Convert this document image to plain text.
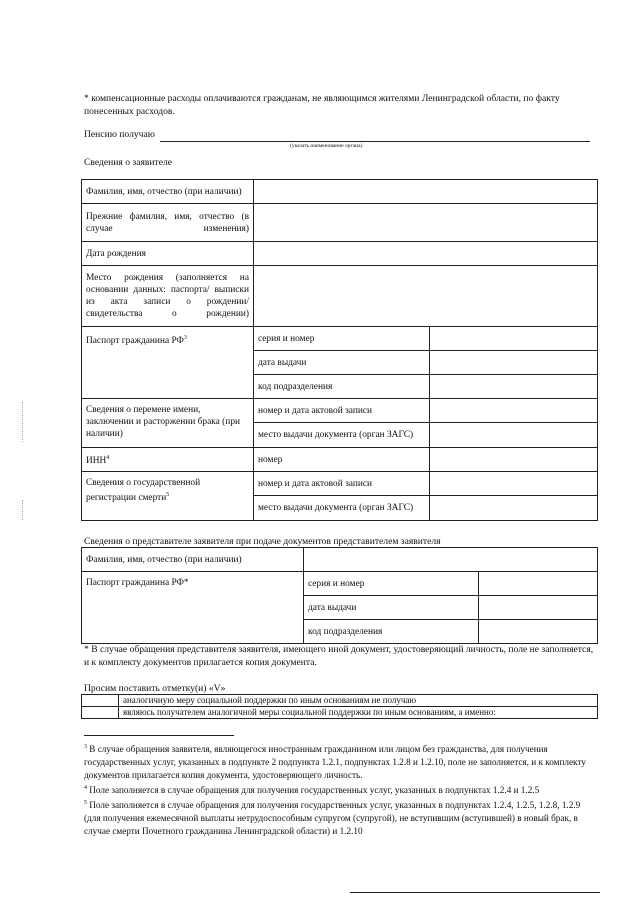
* компенсационные расходы оплачиваются гражданам, не являющимся жителями Ленинградской области, по факту понесенных расходов.
Пенсию получаю
(указать наименование органа)
Сведения о заявителе
Фамилия, имя, отчество (при наличии)		
Прежние фамилия, имя, отчество (в случае изменения)		
Дата рождения		
Место рождения (заполняется на основании данных: паспорта/ выписки из акта записи о рождении/ свидетельства о рождении)		
Паспорт гражданина $РФ^3$	серия и номер	
	дата выдачи	
	код подразделения	
Сведения о перемене имени, заключении и расторжении брака (при наличии)	номер и дата актовой записи	
	место выдачи документа (орган ЗАГС)	
ИНН$^4$	номер	
Сведения о государственной регистрации смерти$^5$	номер и дата актовой записи	
	место выдачи документа (орган ЗАГС)	
Сведения о представителе заявителя при подаче документов представителем заявителя
Фамилия, имя, отчество (при наличии)		
Паспорт гражданина РФ*	серия и номер	
	дата выдачи	
	код подразделения	
* В случае обращения представителя заявителя, имеющего иной документ, удостоверяющий личность, поле не заполняется, и к комплекту документов прилагается копия документа.
Просим поставить отметку(и) «V»
	аналогичную меру социальной поддержки по иным основаниям не получаю
	являюсь получателем аналогичной меры социальной поддержки по иным основаниям, а именно:

$^3$ В случае обращения заявителя, являющегося иностранным гражданином или лицом без гражданства, для получения государственных услуг, указанных в подпункте 2 подпункта 1.2.1, подпунктах 1.2.8 и 1.2.10, поле не заполняется, и к комплекту документов прилагается копия документа, удостоверяющего личность.

$^4$ Поле заполняется в случае обращения для получения государственных услуг, указанных в подпунктах 1.2.4 и 1.2.5

$^5$ Поле заполняется в случае обращения для получения государственных услуг, указанных в подпунктах 1.2.4, 1.2.5, 1.2.8, 1.2.9 (для получения ежемесячной выплаты нетрудоспособным супругом (супругой), не вступившим (вступившей) в новый брак, в случае смерти Почетного гражданина Ленинградской области) и 1.2.10
